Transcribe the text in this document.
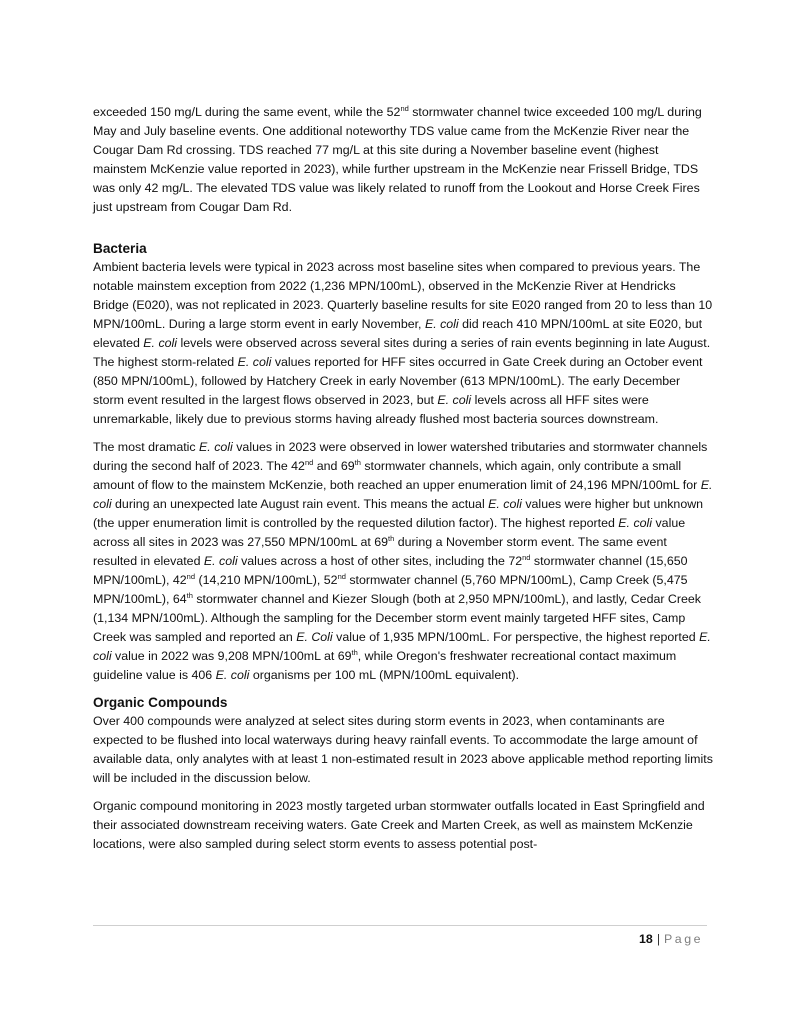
exceeded 150 mg/L during the same event, while the 52nd stormwater channel twice exceeded 100 mg/L during May and July baseline events. One additional noteworthy TDS value came from the McKenzie River near the Cougar Dam Rd crossing. TDS reached 77 mg/L at this site during a November baseline event (highest mainstem McKenzie value reported in 2023), while further upstream in the McKenzie near Frissell Bridge, TDS was only 42 mg/L. The elevated TDS value was likely related to runoff from the Lookout and Horse Creek Fires just upstream from Cougar Dam Rd.

Bacteria

Ambient bacteria levels were typical in 2023 across most baseline sites when compared to previous years. The notable mainstem exception from 2022 (1,236 MPN/100mL), observed in the McKenzie River at Hendricks Bridge (E020), was not replicated in 2023. Quarterly baseline results for site E020 ranged from 20 to less than 10 MPN/100mL. During a large storm event in early November, E. coli did reach 410 MPN/100mL at site E020, but elevated E. coli levels were observed across several sites during a series of rain events beginning in late August. The highest storm-related E. coli values reported for HFF sites occurred in Gate Creek during an October event (850 MPN/100mL), followed by Hatchery Creek in early November (613 MPN/100mL). The early December storm event resulted in the largest flows observed in 2023, but E. coli levels across all HFF sites were unremarkable, likely due to previous storms having already flushed most bacteria sources downstream.

The most dramatic E. coli values in 2023 were observed in lower watershed tributaries and stormwater channels during the second half of 2023. The 42nd and 69th stormwater channels, which again, only contribute a small amount of flow to the mainstem McKenzie, both reached an upper enumeration limit of 24,196 MPN/100mL for E. coli during an unexpected late August rain event. This means the actual E. coli values were higher but unknown (the upper enumeration limit is controlled by the requested dilution factor). The highest reported E. coli value across all sites in 2023 was 27,550 MPN/100mL at 69th during a November storm event. The same event resulted in elevated E. coli values across a host of other sites, including the 72nd stormwater channel (15,650 MPN/100mL), 42nd (14,210 MPN/100mL), 52nd stormwater channel (5,760 MPN/100mL), Camp Creek (5,475 MPN/100mL), 64th stormwater channel and Kiezer Slough (both at 2,950 MPN/100mL), and lastly, Cedar Creek (1,134 MPN/100mL). Although the sampling for the December storm event mainly targeted HFF sites, Camp Creek was sampled and reported an E. Coli value of 1,935 MPN/100mL. For perspective, the highest reported E. coli value in 2022 was 9,208 MPN/100mL at 69th, while Oregon's freshwater recreational contact maximum guideline value is 406 E. coli organisms per 100 mL (MPN/100mL equivalent).

Organic Compounds

Over 400 compounds were analyzed at select sites during storm events in 2023, when contaminants are expected to be flushed into local waterways during heavy rainfall events. To accommodate the large amount of available data, only analytes with at least 1 non-estimated result in 2023 above applicable method reporting limits will be included in the discussion below.

Organic compound monitoring in 2023 mostly targeted urban stormwater outfalls located in East Springfield and their associated downstream receiving waters. Gate Creek and Marten Creek, as well as mainstem McKenzie locations, were also sampled during select storm events to assess potential post-

18 | Page
